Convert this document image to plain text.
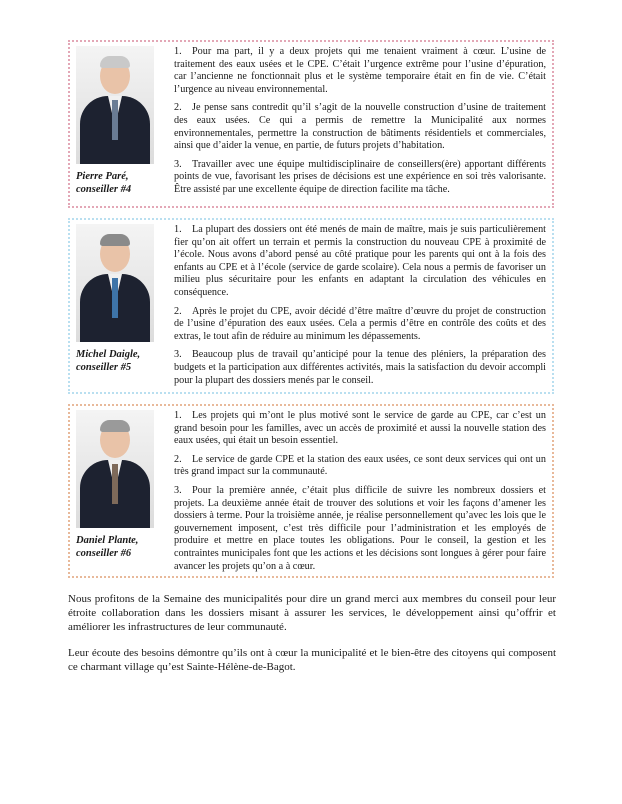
Pierre Paré,
conseiller #4

1. Pour ma part, il y a deux projets qui me tenaient vraiment à cœur. L’usine de traitement des eaux usées et le CPE. C’était l’urgence extrême pour l’usine d’épuration, car l’ancienne ne fonctionnait plus et le système temporaire était en fin de vie. C’était l’urgence au niveau environnemental.

2. Je pense sans contredit qu’il s’agit de la nouvelle construction d’usine de traitement des eaux usées. Ce qui a permis de remettre la Municipalité aux normes environnementales, permettre la construction de bâtiments résidentiels et commerciales, ainsi que d’aider la venue, en partie, de futurs projets d’habitation.

3. Travailler avec une équipe multidisciplinaire de conseillers(ère) apportant différents points de vue, favorisant les prises de décisions est une expérience en soi très valorisante. Être assisté par une excellente équipe de direction facilite ma tâche.

Michel Daigle,
conseiller #5

1. La plupart des dossiers ont été menés de main de maître, mais je suis particulièrement fier qu’on ait offert un terrain et permis la construction du nouveau CPE à proximité de l’école. Nous avons d’abord pensé au côté pratique pour les parents qui ont à la fois des enfants au CPE et à l’école (service de garde scolaire). Cela nous a permis de favoriser un milieu plus sécuritaire pour les enfants en adaptant la circulation des véhicules en conséquence.

2. Après le projet du CPE, avoir décidé d’être maître d’œuvre du projet de construction de l’usine d’épuration des eaux usées. Cela a permis d’être en contrôle des coûts et des extras, le tout afin de réduire au minimum les dépassements.

3. Beaucoup plus de travail qu’anticipé pour la tenue des pléniers, la préparation des budgets et la participation aux différentes activités, mais la satisfaction du devoir accompli pour la plupart des dossiers menés par le conseil.

Daniel Plante,
conseiller #6

1. Les projets qui m’ont le plus motivé sont le service de garde au CPE, car c’est un grand besoin pour les familles, avec un accès de proximité et aussi la nouvelle station des eaux usées, qui était un besoin essentiel.

2. Le service de garde CPE et la station des eaux usées, ce sont deux services qui ont un très grand impact sur la communauté.

3. Pour la première année, c’était plus difficile de suivre les nombreux dossiers et projets. La deuxième année était de trouver des solutions et voir les façons d’amener les dossiers à terme. Pour la troisième année, je réalise personnellement qu’avec les lois que le gouvernement imposent, c’est très difficile pour l’administration et les employés de produire et mettre en place toutes les obligations. Pour le conseil, la gestion et les contraintes municipales font que les actions et les décisions sont longues à gérer pour faire avancer les projets qu’on a à cœur.

Nous profitons de la Semaine des municipalités pour dire un grand merci aux membres du conseil pour leur étroite collaboration dans les dossiers misant à assurer les services, le développement ainsi qu’offrir et améliorer les infrastructures de leur communauté.

Leur écoute des besoins démontre qu’ils ont à cœur la municipalité et le bien-être des citoyens qui composent ce charmant village qu’est Sainte-Hélène-de-Bagot.
